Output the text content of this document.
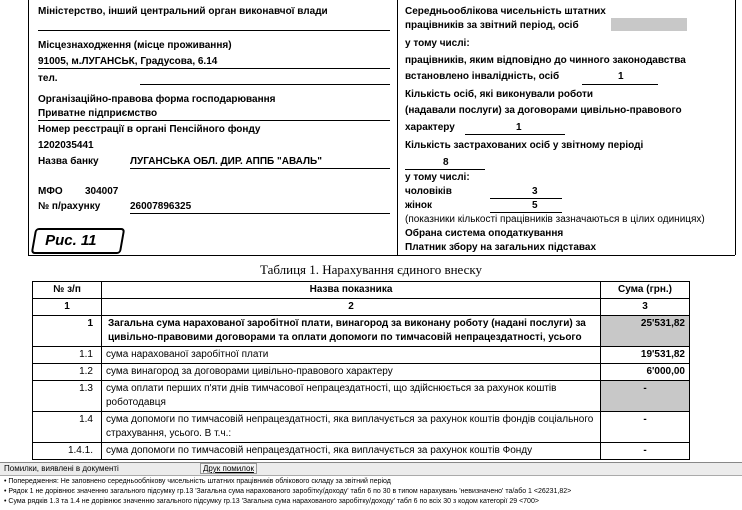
Міністерство, інший центральний орган виконавчої влади
Місцезнаходження (місце проживання)
91005, м.ЛУГАНСЬК, Градусова, 6.14
тел.
Організаційно-правова форма господарювання
Приватне підприємство
Номер реєстрації в органі Пенсійного фонду
1202035441
Назва банку	ЛУГАНСЬКА ОБЛ. ДИР. АППБ "АВАЛЬ"
МФО 304007
№ п/рахунку	26007896325
Рис. 11
Середньооблікова чисельність штатних
працівників за звітний період, осіб
у тому числі:
працівників, яким відповідно до чинного законодавства
встановлено інвалідність, осіб	1
Кількість осіб, які виконували роботи
(надавали послуги) за договорами цивільно-правового
характеру	1
Кількість застрахованих осіб у звітному періоді
8
у тому числі:
чоловіків	3
жінок	5
(показники кількості працівників зазначаються в цілих одиницях)
Обрана система оподаткування
Платник збору на загальних підставах
Таблиця 1. Нарахування єдиного внеску
№ з/п	Назва показника	Сума (грн.)
1	2	3
1	Загальна сума нарахованої заробітної плати, винагород за виконану роботу (надані послуги) за цивільно-правовими договорами та оплати допомоги по тимчасовій непрацездатності, усього	25'531,82
1.1	сума нарахованої заробітної плати	19'531,82
1.2	сума винагород за договорами цивільно-правового характеру	6'000,00
1.3	сума оплати перших п'яти днів тимчасової непрацездатності, що здійснюється за рахунок коштів роботодавця	-
1.4	сума допомоги по тимчасовій непрацездатності, яка виплачується за рахунок коштів фондів соціального страхування, усього. В т.ч.:	-
1.4.1.	сума допомоги по тимчасовій непрацездатності, яка виплачується за рахунок коштів Фонду	-
Помилки, виявлені в документі	Друк помилок
• Попередження: Не заповнено середньооблікову чисельність штатних працівників облікового складу за звітний період
• Рядок 1 не дорівнює значенню загального підсумку гр.13 'Загальна сума нарахованого заробітку/доходу' табл 6 по 30 в типом нарахувань 'невизначено' та/або 1 <26231,82>
• Сума рядків 1.3 та 1.4 не дорівнює значенню загального підсумку гр.13 'Загальна сума нарахованого заробітку/доходу' табл 6 по всіх 30 з кодом категорії 29 <700>
